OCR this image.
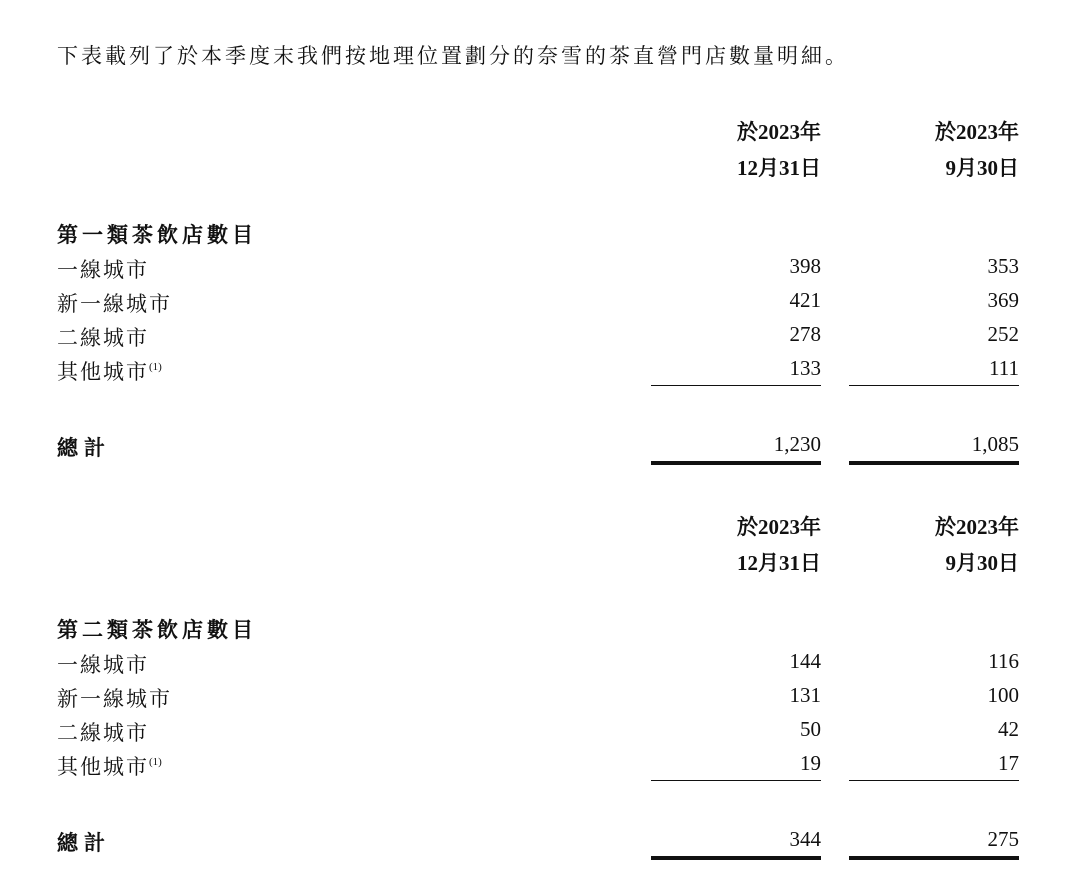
下表載列了於本季度末我們按地理位置劃分的奈雪的茶直營門店數量明細。
於2023年
12月31日
於2023年
9月30日
第一類茶飲店數目
一線城市	398	353
新一線城市	421	369
二線城市	278	252
其他城市$^{(1)}$	133	111
總計	1,230	1,085
於2023年
12月31日
於2023年
9月30日
第二類茶飲店數目
一線城市	144	116
新一線城市	131	100
二線城市	50	42
其他城市$^{(1)}$	19	17
總計	344	275
